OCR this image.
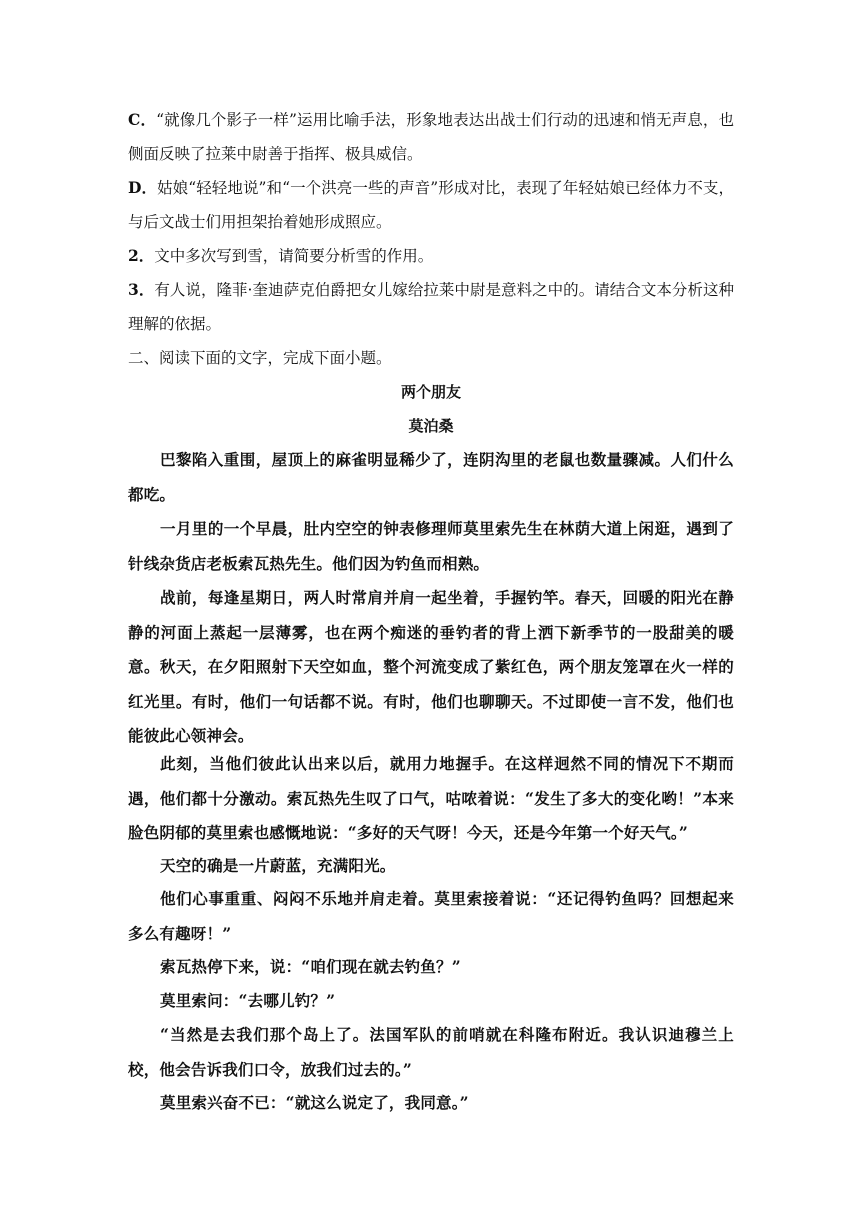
C．“就像几个影子一样”运用比喻手法，形象地表达出战士们行动的迅速和悄无声息，也侧面反映了拉莱中尉善于指挥、极具威信。
D．姑娘“轻轻地说”和“一个洪亮一些的声音”形成对比，表现了年轻姑娘已经体力不支，与后文战士们用担架抬着她形成照应。
2．文中多次写到雪，请简要分析雪的作用。
3．有人说，隆菲·奎迪萨克伯爵把女儿嫁给拉莱中尉是意料之中的。请结合文本分析这种理解的依据。
二、阅读下面的文字，完成下面小题。
两个朋友
莫泊桑
巴黎陷入重围，屋顶上的麻雀明显稀少了，连阴沟里的老鼠也数量骤减。人们什么都吃。
一月里的一个早晨，肚内空空的钟表修理师莫里索先生在林荫大道上闲逛，遇到了针线杂货店老板索瓦热先生。他们因为钓鱼而相熟。
战前，每逢星期日，两人时常肩并肩一起坐着，手握钓竿。春天，回暖的阳光在静静的河面上蒸起一层薄雾，也在两个痴迷的垂钓者的背上洒下新季节的一股甜美的暖意。秋天，在夕阳照射下天空如血，整个河流变成了紫红色，两个朋友笼罩在火一样的红光里。有时，他们一句话都不说。有时，他们也聊聊天。不过即使一言不发，他们也能彼此心领神会。
此刻，当他们彼此认出来以后，就用力地握手。在这样迥然不同的情况下不期而遇，他们都十分激动。索瓦热先生叹了口气，咕哝着说：“发生了多大的变化哟！”本来脸色阴郁的莫里索也感慨地说：“多好的天气呀！今天，还是今年第一个好天气。”
天空的确是一片蔚蓝，充满阳光。
他们心事重重、闷闷不乐地并肩走着。莫里索接着说：“还记得钓鱼吗？回想起来多么有趣呀！”
索瓦热停下来，说：“咱们现在就去钓鱼？”
莫里索问：“去哪儿钓？”
“当然是去我们那个岛上了。法国军队的前哨就在科隆布附近。我认识迪穆兰上校，他会告诉我们口令，放我们过去的。”
莫里索兴奋不已：“就这么说定了，我同意。”
